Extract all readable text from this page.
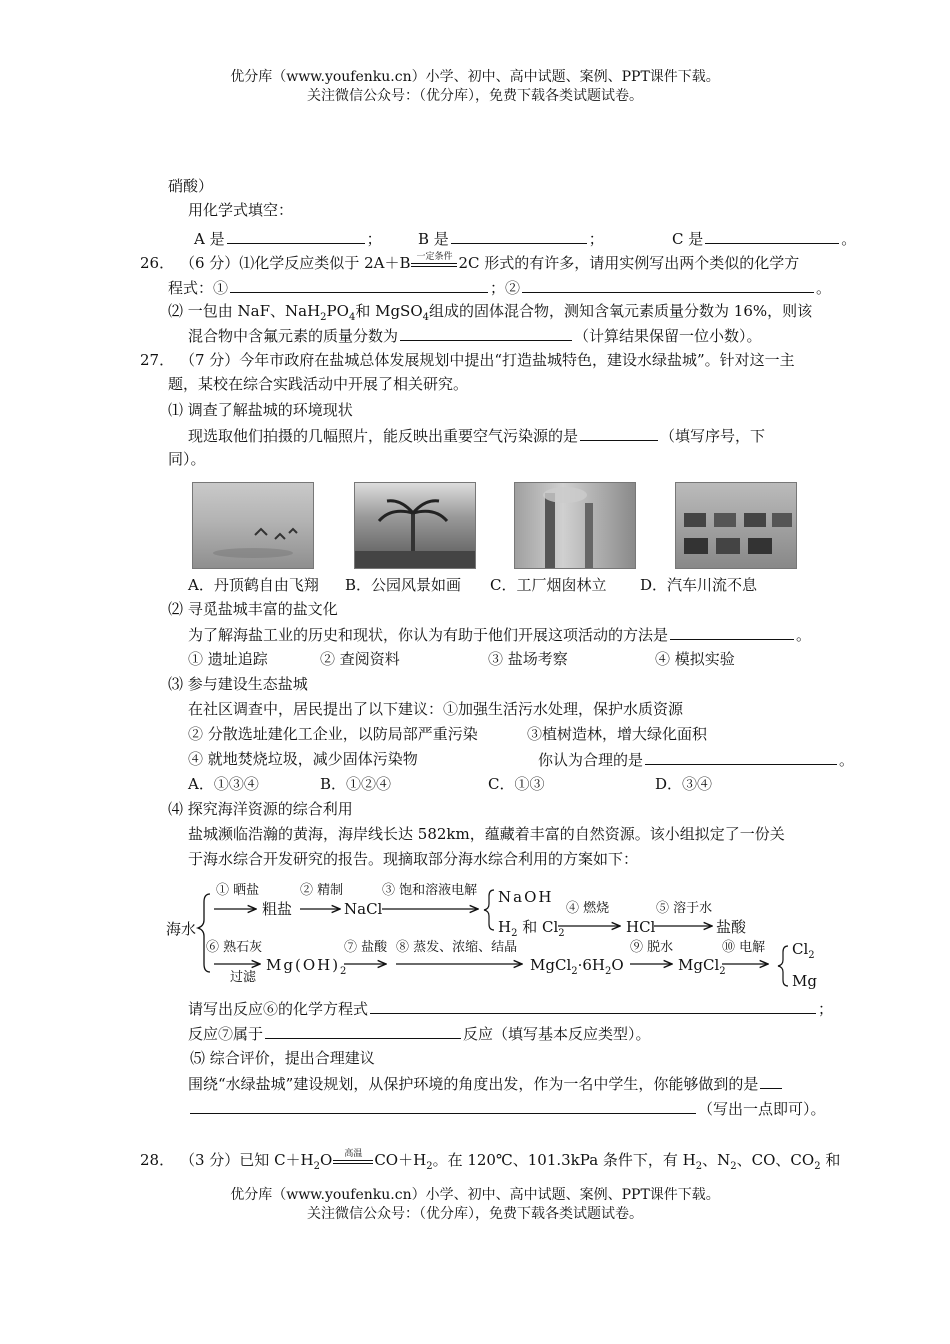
优分库（www.youfenku.cn）小学、初中、高中试题、案例、PPT课件下载。
关注微信公众号：（优分库），免费下载各类试题试卷。
硝酸）
用化学式填空：
A 是	； B 是	；	C 是	。
26． （6 分）⑴化学反应类似于 2A＋B 一定条件 2C 形式的有许多，请用实例写出两个类似的化学方
程式：①	；②	。
⑵ 一包由 NaF、$NaH_2PO_4$和 MgSO$_4$组成的固体混合物，测知含氧元素质量分数为 16%，则该
混合物中含氟元素的质量分数为	（计算结果保留一位小数）。
27． （7 分）今年市政府在盐城总体发展规划中提出“打造盐城特色，建设水绿盐城”。针对这一主
题，某校在综合实践活动中开展了相关研究。
⑴ 调查了解盐城的环境现状
现选取他们拍摄的几幅照片，能反映出重要空气污染源的是	（填写序号，下
同）。
A．丹顶鹤自由飞翔 B．公园风景如画 C．工厂烟囱林立 D．汽车川流不息
⑵ 寻觅盐城丰富的盐文化
为了解海盐工业的历史和现状，你认为有助于他们开展这项活动的方法是	。
① 遗址追踪	② 查阅资料	③ 盐场考察	④ 模拟实验
⑶ 参与建设生态盐城
在社区调查中，居民提出了以下建议：①加强生活污水处理，保护水质资源
② 分散选址建化工企业，以防局部严重污染	③植树造林，增大绿化面积
④ 就地焚烧垃圾，减少固体污染物	你认为合理的是	。
A．①③④	B．①②④	C．①③	D．③④
⑷ 探究海洋资源的综合利用
盐城濒临浩瀚的黄海，海岸线长达 582km，蕴藏着丰富的自然资源。该小组拟定了一份关
于海水综合开发研究的报告。现摘取部分海水综合利用的方案如下：
海水
① 晒盐
粗盐
② 精制
NaCl
③ 饱和溶液电解 NaOH
$H_2$ 和 $Cl_2$
④ 燃烧
HCl
⑤ 溶于水
盐酸
⑥ 熟石灰
过滤
$Mg(OH)_2$
⑦ 盐酸 ⑧ 蒸发、浓缩、结晶
$MgCl_2\cdot 6H_2O$
⑨ 脱水
MgCl$_2$
⑩ 电解 $Cl_2$
Mg
请写出反应⑥的化学方程式	；
反应⑦属于	反应（填写基本反应类型）。
⑸ 综合评价，提出合理建议
围绕“水绿盐城”建设规划，从保护环境的角度出发，作为一名中学生，你能够做到的是
（写出一点即可）。
28． （3 分）已知 $C+H_2O$	高温 $CO+H_2$。在 120℃、101.3kPa 条件下，有 $H_2$、$N_2$、CO、$CO_2$ 和
优分库（www.youfenku.cn）小学、初中、高中试题、案例、PPT课件下载。
关注微信公众号：（优分库），免费下载各类试题试卷。
